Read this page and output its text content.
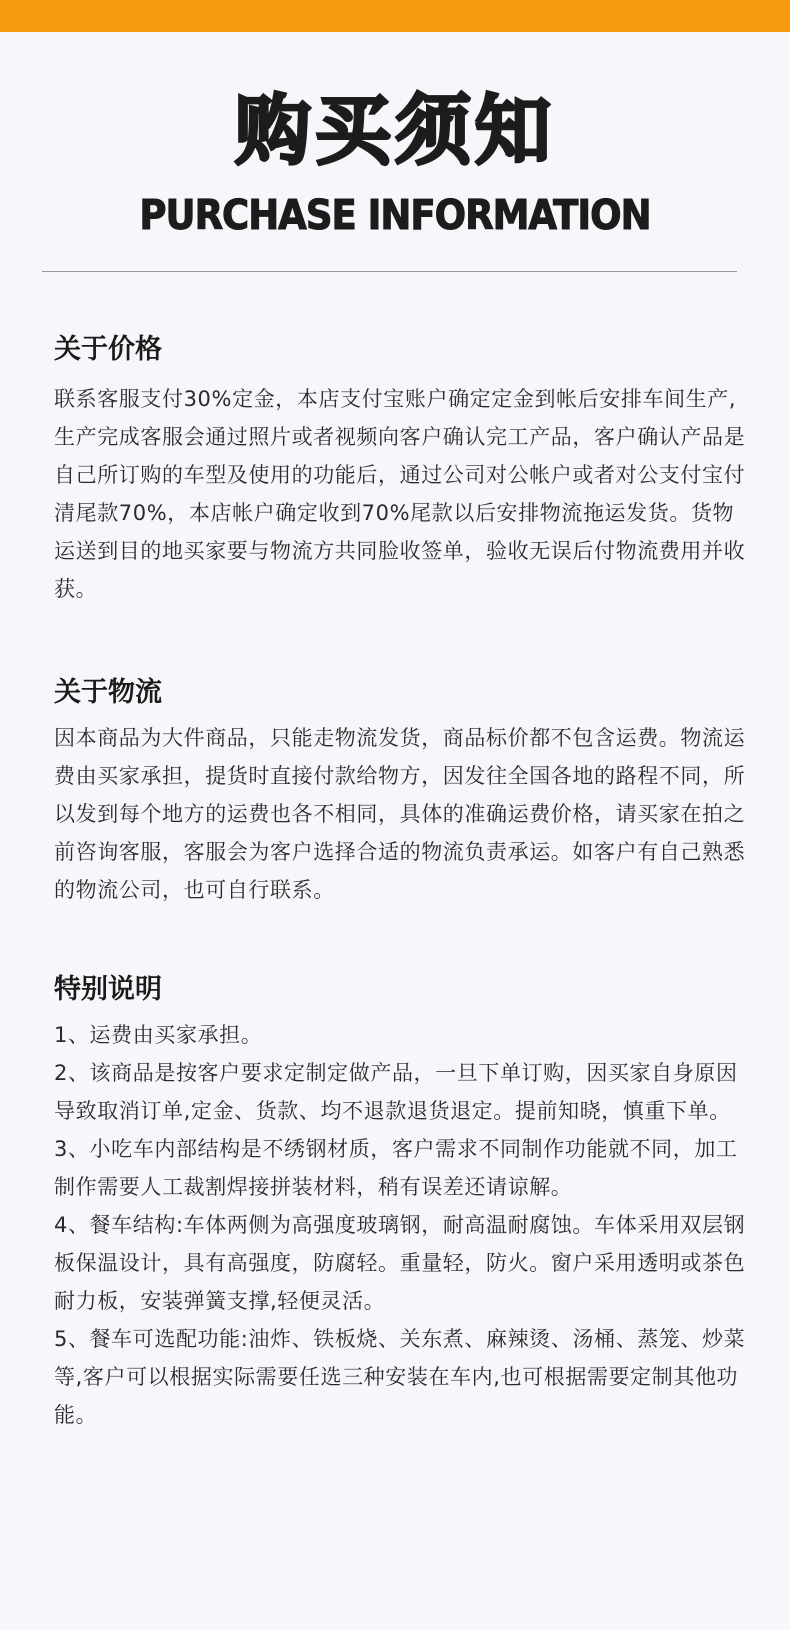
购买须知
PURCHASE INFORMATION
关于价格

联系客服支付30%定金，本店支付宝账户确定定金到帐后安排车间生产,生产完成客服会通过照片或者视频向客户确认完工产品，客户确认产品是自己所订购的车型及使用的功能后，通过公司对公帐户或者对公支付宝付清尾款70%，本店帐户确定收到70%尾款以后安排物流拖运发货。货物运送到目的地买家要与物流方共同脸收签单，验收无误后付物流费用并收获。

关于物流

因本商品为大件商品，只能走物流发货，商品标价都不包含运费。物流运费由买家承担，提货时直接付款给物方，因发往全国各地的路程不同，所以发到每个地方的运费也各不相同，具体的准确运费价格，请买家在拍之前咨询客服，客服会为客户选择合适的物流负责承运。如客户有自己熟悉的物流公司，也可自行联系。

特别说明

1、运费由买家承担。

2、该商品是按客户要求定制定做产品，一旦下单订购，因买家自身原因导致取消订单,定金、货款、均不退款退货退定。提前知晓，慎重下单。

3、小吃车内部结构是不绣钢材质，客户需求不同制作功能就不同，加工制作需要人工裁割焊接拼装材料，稍有误差还请谅解。

4、餐车结构:车体两侧为高强度玻璃钢，耐高温耐腐蚀。车体采用双层钢板保温设计，具有高强度，防腐轻。重量轻，防火。窗户采用透明或茶色耐力板，安装弹簧支撑,轻便灵活。

5、餐车可选配功能:油炸、铁板烧、关东煮、麻辣烫、汤桶、蒸笼、炒菜等,客户可以根据实际需要任选三种安装在车内,也可根据需要定制其他功能。
